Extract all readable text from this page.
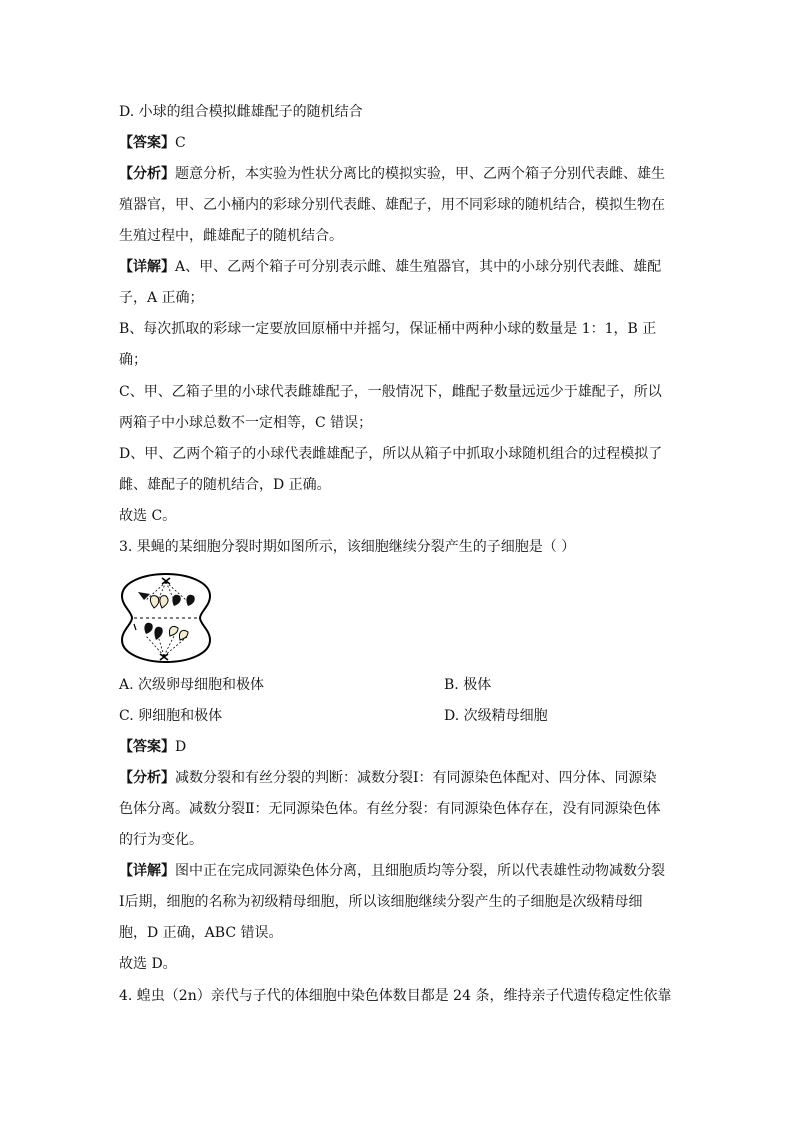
D. 小球的组合模拟雌雄配子的随机结合
【答案】C
【分析】题意分析，本实验为性状分离比的模拟实验，甲、乙两个箱子分别代表雌、雄生
殖器官，甲、乙小桶内的彩球分别代表雌、雄配子，用不同彩球的随机结合，模拟生物在
生殖过程中，雌雄配子的随机结合。
【详解】A、甲、乙两个箱子可分别表示雌、雄生殖器官，其中的小球分别代表雌、雄配
子，A 正确；
B、每次抓取的彩球一定要放回原桶中并摇匀，保证桶中两种小球的数量是 1：1，B 正
确；
C、甲、乙箱子里的小球代表雌雄配子，一般情况下，雌配子数量远远少于雄配子，所以
两箱子中小球总数不一定相等，C 错误；
D、甲、乙两个箱子的小球代表雌雄配子，所以从箱子中抓取小球随机组合的过程模拟了
雌、雄配子的随机结合，D 正确。
故选 C。
3. 果蝇的某细胞分裂时期如图所示，该细胞继续分裂产生的子细胞是（ ）
A. 次级卵母细胞和极体	B. 极体
C. 卵细胞和极体	D. 次级精母细胞
【答案】D
【分析】减数分裂和有丝分裂的判断：减数分裂Ⅰ：有同源染色体配对、四分体、同源染
色体分离。减数分裂Ⅱ：无同源染色体。有丝分裂：有同源染色体存在，没有同源染色体
的行为变化。
【详解】图中正在完成同源染色体分离，且细胞质均等分裂，所以代表雄性动物减数分裂
Ⅰ后期，细胞的名称为初级精母细胞，所以该细胞继续分裂产生的子细胞是次级精母细
胞，D 正确，ABC 错误。
故选 D。
4. 蝗虫（2n）亲代与子代的体细胞中染色体数目都是 24 条，维持亲子代遗传稳定性依靠
